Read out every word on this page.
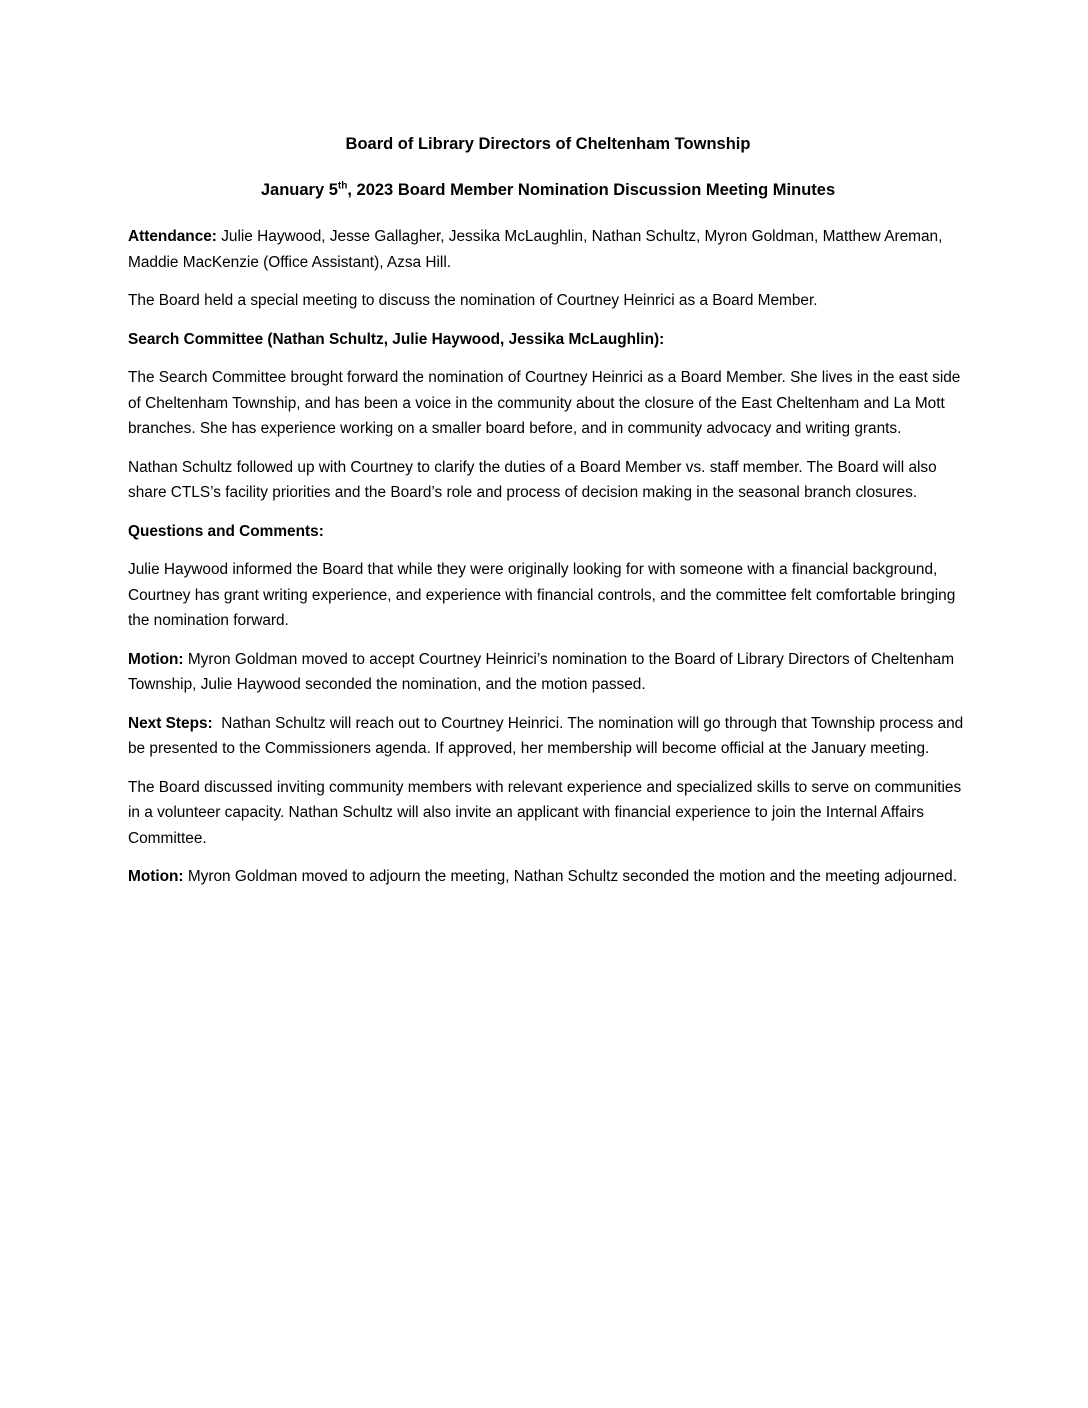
Board of Library Directors of Cheltenham Township
January 5th, 2023 Board Member Nomination Discussion Meeting Minutes

Attendance: Julie Haywood, Jesse Gallagher, Jessika McLaughlin, Nathan Schultz, Myron Goldman, Matthew Areman, Maddie MacKenzie (Office Assistant), Azsa Hill.

The Board held a special meeting to discuss the nomination of Courtney Heinrici as a Board Member.

Search Committee (Nathan Schultz, Julie Haywood, Jessika McLaughlin):

The Search Committee brought forward the nomination of Courtney Heinrici as a Board Member. She lives in the east side of Cheltenham Township, and has been a voice in the community about the closure of the East Cheltenham and La Mott branches. She has experience working on a smaller board before, and in community advocacy and writing grants.

Nathan Schultz followed up with Courtney to clarify the duties of a Board Member vs. staff member. The Board will also share CTLS’s facility priorities and the Board’s role and process of decision making in the seasonal branch closures.

Questions and Comments:

Julie Haywood informed the Board that while they were originally looking for with someone with a financial background, Courtney has grant writing experience, and experience with financial controls, and the committee felt comfortable bringing the nomination forward.

Motion: Myron Goldman moved to accept Courtney Heinrici’s nomination to the Board of Library Directors of Cheltenham Township, Julie Haywood seconded the nomination, and the motion passed.

Next Steps:  Nathan Schultz will reach out to Courtney Heinrici. The nomination will go through that Township process and be presented to the Commissioners agenda. If approved, her membership will become official at the January meeting.

The Board discussed inviting community members with relevant experience and specialized skills to serve on communities in a volunteer capacity. Nathan Schultz will also invite an applicant with financial experience to join the Internal Affairs Committee.

Motion: Myron Goldman moved to adjourn the meeting, Nathan Schultz seconded the motion and the meeting adjourned.
